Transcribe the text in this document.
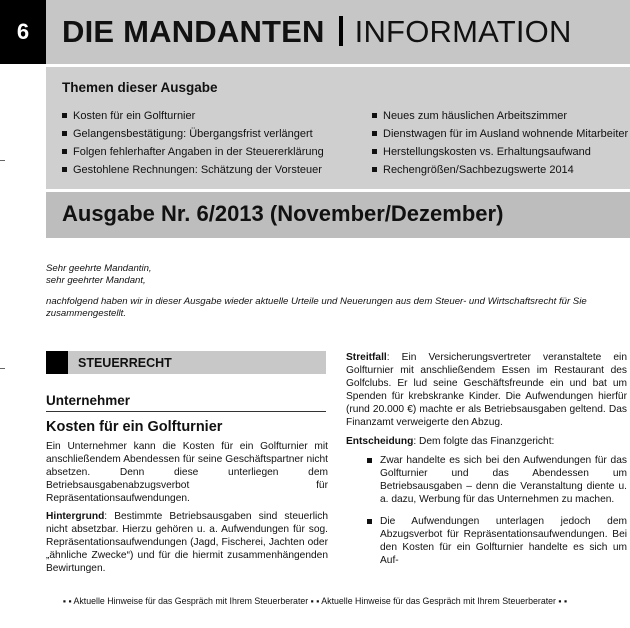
6 DIE MANDANTEN INFORMATION
Themen dieser Ausgabe
Kosten für ein Golfturnier
Gelangensbestätigung: Übergangsfrist verlängert
Folgen fehlerhafter Angaben in der Steuererklärung
Gestohlene Rechnungen: Schätzung der Vorsteuer
Neues zum häuslichen Arbeitszimmer
Dienstwagen für im Ausland wohnende Mitarbeiter
Herstellungskosten vs. Erhaltungsaufwand
Rechengrößen/Sachbezugswerte 2014
Ausgabe Nr. 6/2013 (November/Dezember)
Sehr geehrte Mandantin,
sehr geehrter Mandant,
nachfolgend haben wir in dieser Ausgabe wieder aktuelle Urteile und Neuerungen aus dem Steuer- und Wirtschaftsrecht für Sie zusammengestellt.
STEUERRECHT
Unternehmer
Kosten für ein Golfturnier

Ein Unternehmer kann die Kosten für ein Golfturnier mit anschließendem Abendessen für seine Geschäftspartner nicht absetzen. Denn diese unterliegen dem Betriebsausgabenabzugsverbot für Repräsentationsaufwendungen.

Hintergrund: Bestimmte Betriebsausgaben sind steuerlich nicht absetzbar. Hierzu gehören u. a. Aufwendungen für sog. Repräsentationsaufwendungen (Jagd, Fischerei, Jachten oder „ähnliche Zwecke“) und für die hiermit zusammenhängenden Bewirtungen.

Streitfall: Ein Versicherungsvertreter veranstaltete ein Golfturnier mit anschließendem Essen im Restaurant des Golfclubs. Er lud seine Geschäftsfreunde ein und bat um Spenden für krebskranke Kinder. Die Aufwendungen hierfür (rund 20.000 €) machte er als Betriebsausgaben geltend. Das Finanzamt verweigerte den Abzug.

Entscheidung: Dem folgte das Finanzgericht:

Zwar handelte es sich bei den Aufwendungen für das Golfturnier und das Abendessen um Betriebsausgaben – denn die Veranstaltung diente u. a. dazu, Werbung für das Unternehmen zu machen.
Die Aufwendungen unterlagen jedoch dem Abzugsverbot für Repräsentationsaufwendungen. Bei den Kosten für ein Golfturnier handelte es sich um Auf-
▪ ▪ Aktuelle Hinweise für das Gespräch mit Ihrem Steuerberater ▪ ▪ Aktuelle Hinweise für das Gespräch mit Ihrem Steuerberater ▪ ▪
